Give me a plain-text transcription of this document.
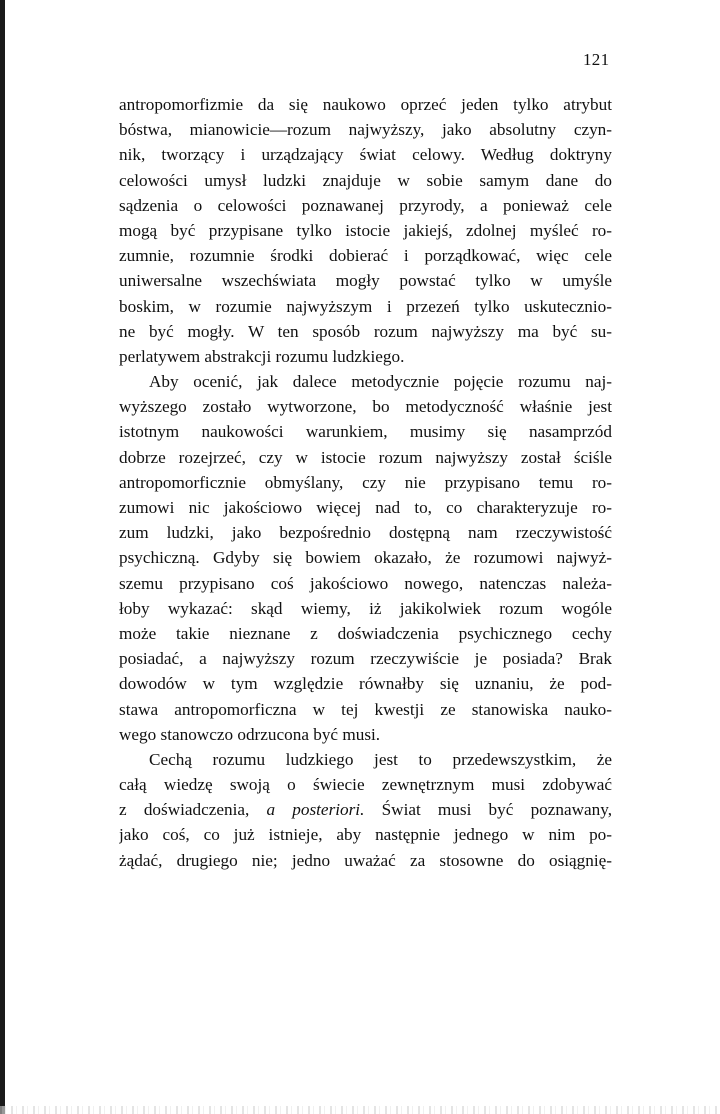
121
antropomorfizmie da się naukowo oprzeć jeden tylko atrybut
bóstwa, mianowicie—rozum najwyższy, jako absolutny czyn-
nik, tworzący i urządzający świat celowy. Według doktryny
celowości umysł ludzki znajduje w sobie samym dane do
sądzenia o celowości poznawanej przyrody, a ponieważ cele
mogą być przypisane tylko istocie jakiejś, zdolnej myśleć ro-
zumnie, rozumnie środki dobierać i porządkować, więc cele
uniwersalne wszechświata mogły powstać tylko w umyśle
boskim, w rozumie najwyższym i przezeń tylko uskutecznio-
ne być mogły. W ten sposób rozum najwyższy ma być su-
perlatywem abstrakcji rozumu ludzkiego.
Aby ocenić, jak dalece metodycznie pojęcie rozumu naj-
wyższego zostało wytworzone, bo metodyczność właśnie jest
istotnym naukowości warunkiem, musimy się nasamprzód
dobrze rozejrzeć, czy w istocie rozum najwyższy został ściśle
antropomorficznie obmyślany, czy nie przypisano temu ro-
zumowi nic jakościowo więcej nad to, co charakteryzuje ro-
zum ludzki, jako bezpośrednio dostępną nam rzeczywistość
psychiczną. Gdyby się bowiem okazało, że rozumowi najwyż-
szemu przypisano coś jakościowo nowego, natenczas należa-
łoby wykazać: skąd wiemy, iż jakikolwiek rozum wogóle
może takie nieznane z doświadczenia psychicznego cechy
posiadać, a najwyższy rozum rzeczywiście je posiada? Brak
dowodów w tym względzie równałby się uznaniu, że pod-
stawa antropomorficzna w tej kwestji ze stanowiska nauko-
wego stanowczo odrzucona być musi.
Cechą rozumu ludzkiego jest to przedewszystkim, że
całą wiedzę swoją o świecie zewnętrznym musi zdobywać
z doświadczenia, a posteriori. Świat musi być poznawany,
jako coś, co już istnieje, aby następnie jednego w nim po-
żądać, drugiego nie; jedno uważać za stosowne do osiągnię-
